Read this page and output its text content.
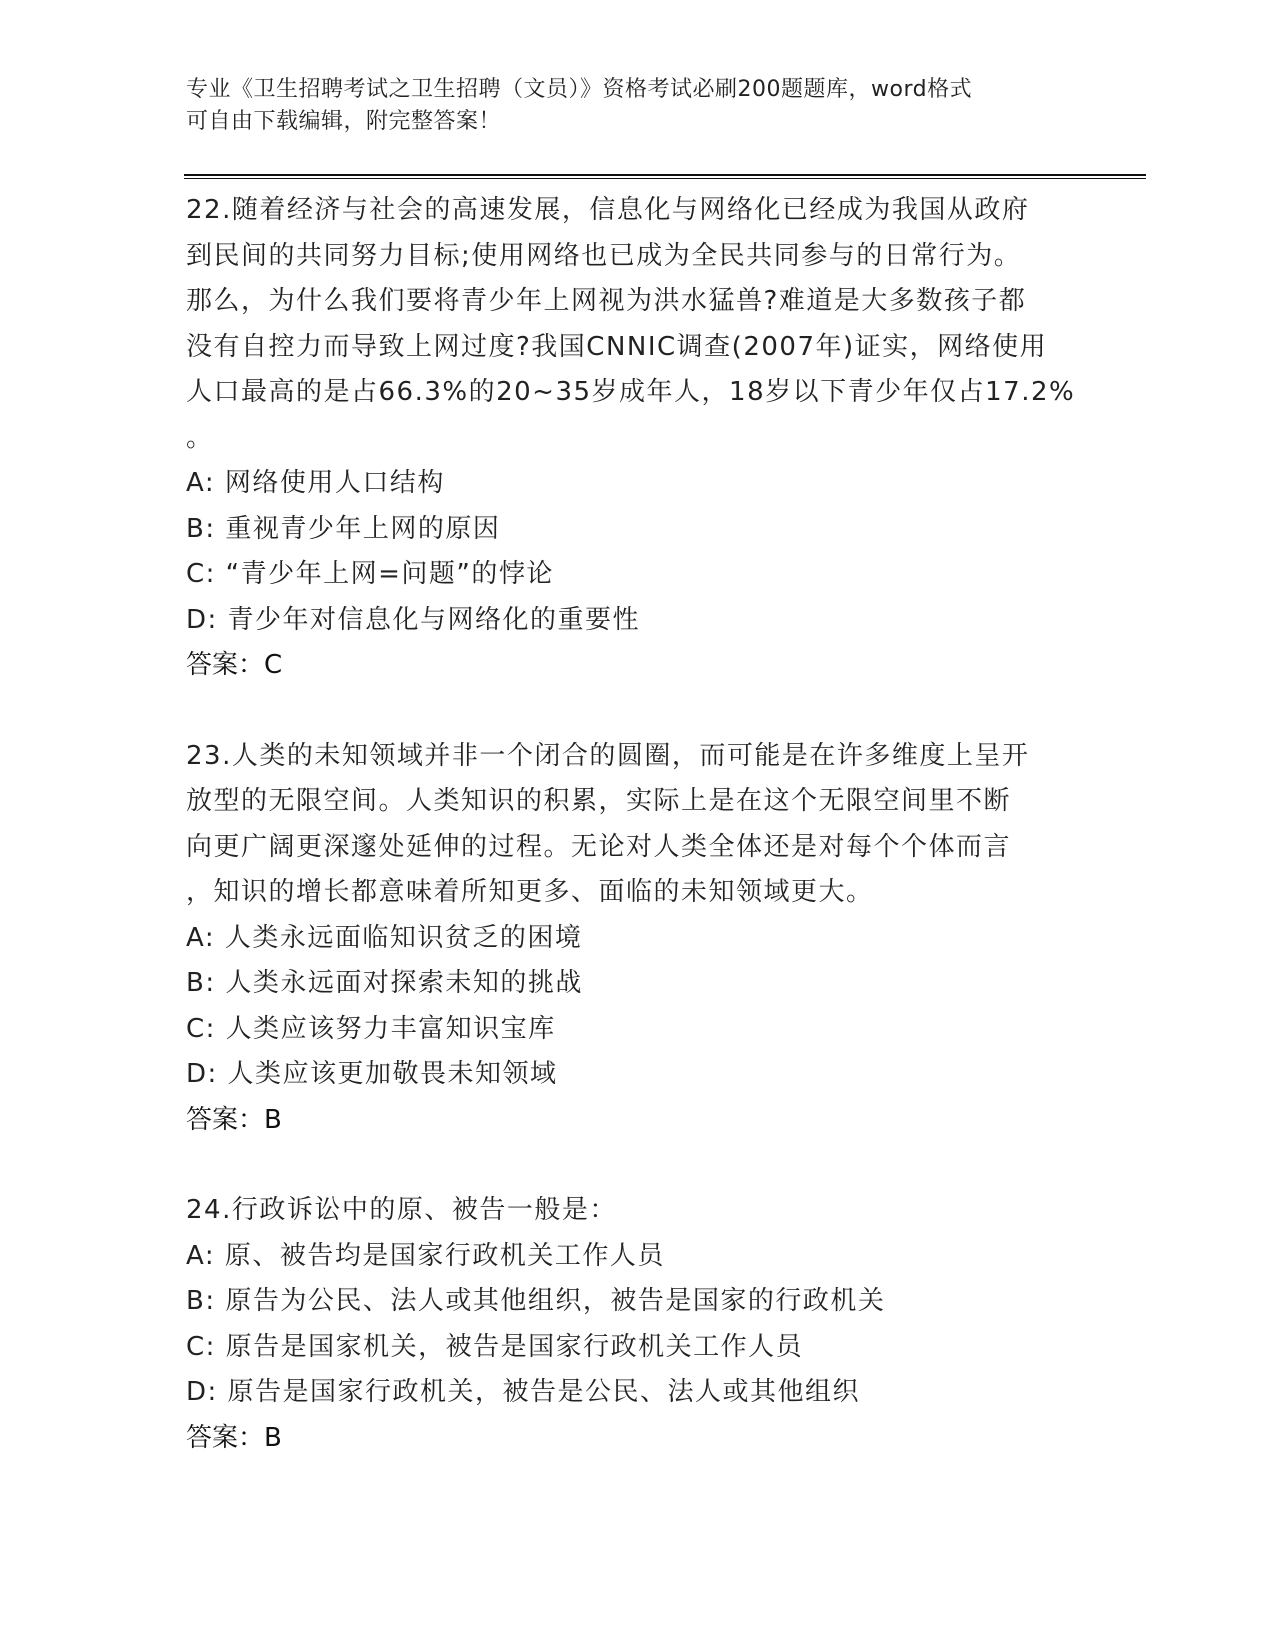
专业《卫生招聘考试之卫生招聘（文员）》资格考试必刷200题题库，word格式
可自由下载编辑，附完整答案！
22.随着经济与社会的高速发展，信息化与网络化已经成为我国从政府
到民间的共同努力目标;使用网络也已成为全民共同参与的日常行为。
那么，为什么我们要将青少年上网视为洪水猛兽?难道是大多数孩子都
没有自控力而导致上网过度?我国CNNIC调查(2007年)证实，网络使用
人口最高的是占66.3%的20~35岁成年人，18岁以下青少年仅占17.2%
。
A: 网络使用人口结构
B: 重视青少年上网的原因
C: “青少年上网=问题”的悖论
D: 青少年对信息化与网络化的重要性
答案：C
23.人类的未知领域并非一个闭合的圆圈，而可能是在许多维度上呈开
放型的无限空间。人类知识的积累，实际上是在这个无限空间里不断
向更广阔更深邃处延伸的过程。无论对人类全体还是对每个个体而言
，知识的增长都意味着所知更多、面临的未知领域更大。
A: 人类永远面临知识贫乏的困境
B: 人类永远面对探索未知的挑战
C: 人类应该努力丰富知识宝库
D: 人类应该更加敬畏未知领域
答案：B
24.行政诉讼中的原、被告一般是：
A: 原、被告均是国家行政机关工作人员
B: 原告为公民、法人或其他组织，被告是国家的行政机关
C: 原告是国家机关，被告是国家行政机关工作人员
D: 原告是国家行政机关，被告是公民、法人或其他组织
答案：B
